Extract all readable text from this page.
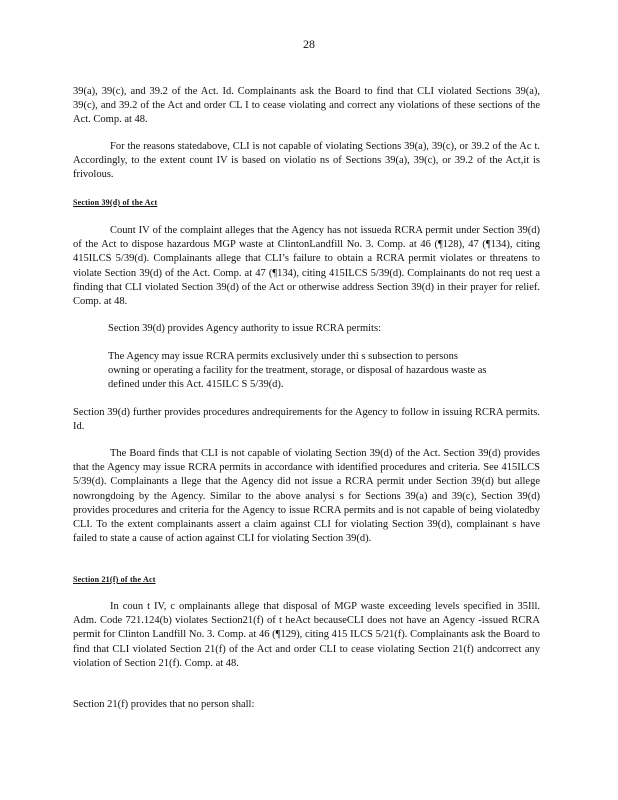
28

39(a), 39(c), and 39.2 of the Act. Id. Complainants ask the Board to find that CLI violated Sections 39(a), 39(c), and 39.2 of the Act and order CL I to cease violating and correct any violations of these sections of the Act. Comp. at 48.

For the reasons statedabove, CLI is not capable of violating Sections 39(a), 39(c), or 39.2 of the Ac t. Accordingly, to the extent count IV is based on violatio ns of Sections 39(a), 39(c), or 39.2 of the Act,it is frivolous.

Section 39(d) of the Act

Count IV of the complaint alleges that the Agency has not issueda RCRA permit under Section 39(d) of the Act to dispose hazardous MGP waste at ClintonLandfill No. 3. Comp. at 46 (¶128), 47 (¶134), citing 415ILCS 5/39(d). Complainants allege that CLI’s failure to obtain a RCRA permit violates or threatens to violate Section 39(d) of the Act. Comp. at 47 (¶134), citing 415ILCS 5/39(d). Complainants do not req uest a finding that CLI violated Section 39(d) of the Act or otherwise address Section 39(d) in their prayer for relief. Comp. at 48.

Section 39(d) provides Agency authority to issue RCRA permits:

The Agency may issue RCRA permits exclusively under thi s subsection to persons owning or operating a facility for the treatment, storage, or disposal of hazardous waste as defined under this Act. 415ILC S 5/39(d).

Section 39(d) further provides procedures andrequirements for the Agency to follow in issuing RCRA permits. Id.

The Board finds that CLI is not capable of violating Section 39(d) of the Act. Section 39(d) provides that the Agency may issue RCRA permits in accordance with identified procedures and criteria. See 415ILCS 5/39(d). Complainants a llege that the Agency did not issue a RCRA permit under Section 39(d) but allege nowrongdoing by the Agency. Similar to the above analysi s for Sections 39(a) and 39(c), Section 39(d) provides procedures and criteria for the Agency to issue RCRA permits and is not capable of being violatedby CLI. To the extent complainants assert a claim against CLI for violating Section 39(d), complainant s have failed to state a cause of action against CLI for violating Section 39(d).

Section 21(f) of the Act

In coun t IV, c omplainants allege that disposal of MGP waste exceeding levels specified in 35Ill. Adm. Code 721.124(b) violates Section21(f) of t heAct becauseCLI does not have an Agency -issued RCRA permit for Clinton Landfill No. 3. Comp. at 46 (¶129), citing 415 ILCS 5/21(f). Complainants ask the Board to find that CLI violated Section 21(f) of the Act and order CLI to cease violating Section 21(f) andcorrect any violation of Section 21(f). Comp. at 48.

Section 21(f) provides that no person shall:
